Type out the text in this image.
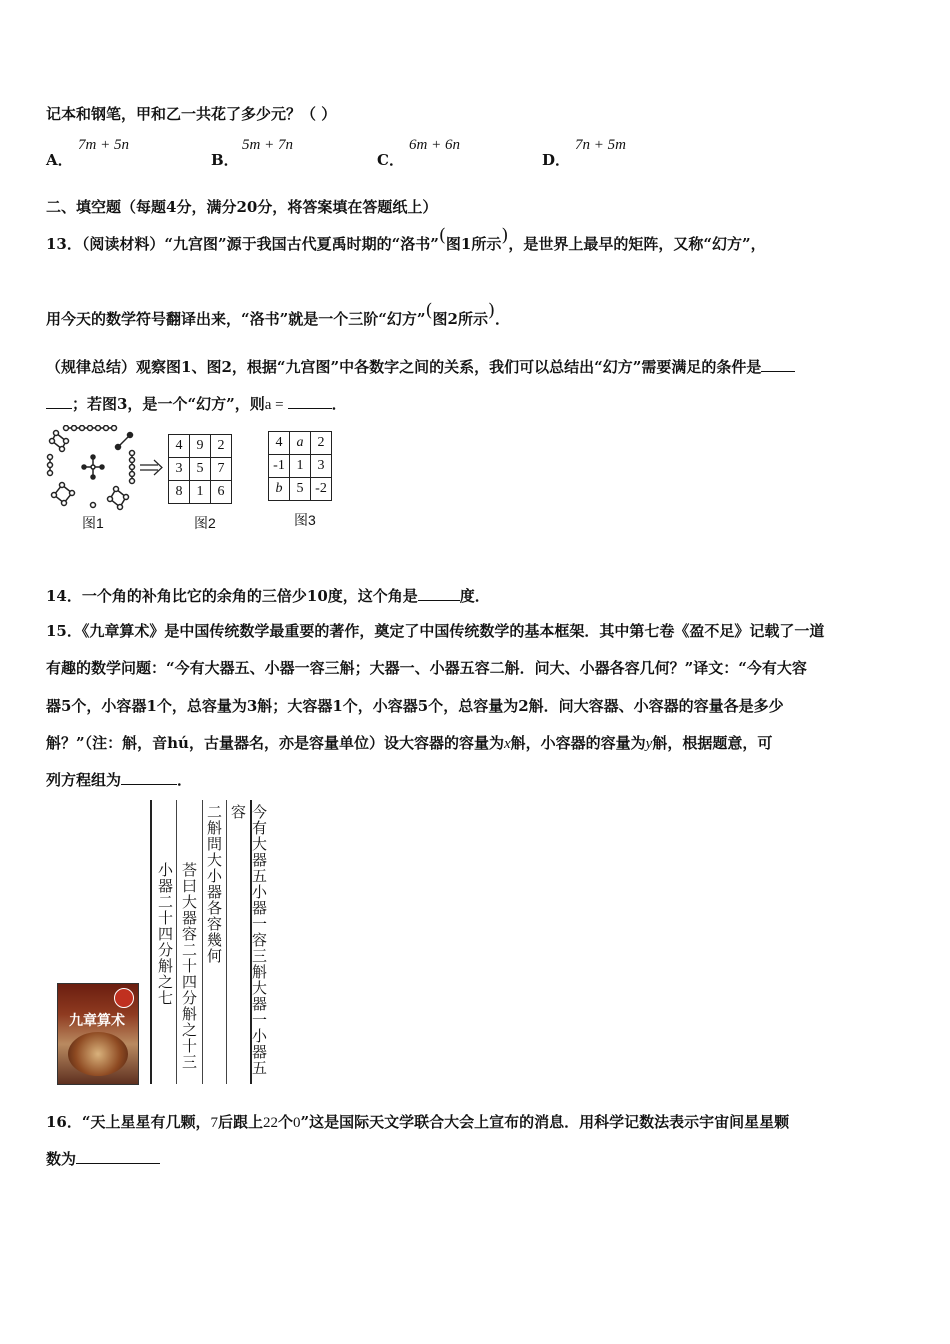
记本和钢笔，甲和乙一共花了多少元？（ ）
A．
7m + 5n
B．
5m + 7n
C．
6m + 6n
D．
7n + 5m
二、填空题（每题4分，满分20分，将答案填在答题纸上）
13．（阅读材料）“九宫图”源于我国古代夏禹时期的“洛书”(图1所示)，是世界上最早的矩阵，又称“幻方”，
用今天的数学符号翻译出来，“洛书”就是一个三阶“幻方”(图2所示)．
（规律总结）观察图1、图2，根据“九宫图”中各数字之间的关系，我们可以总结出“幻方”需要满足的条件是
；若图3，是一个“幻方”，则a =	．
4	9	2
3	5	7
8	1	6
4	a	2
-1	1	3
b	5	-2
图1	图2	图3
14．一个角的补角比它的余角的三倍少10度，这个角是	度．
15．《九章算术》是中国传统数学最重要的著作，奠定了中国传统数学的基本框架．其中第七卷《盈不足》记载了一道
有趣的数学问题：“今有大器五、小器一容三斛；大器一、小器五容二斛．问大、小器各容几何？”译文：“今有大容
器5个，小容器1个，总容量为3斛；大容器1个，小容器5个，总容量为2斛．问大容器、小容器的容量各是多少
斛？”（注：斛，音hú，古量器名，亦是容量单位）设大容器的容量为x斛，小容器的容量为y斛，根据题意，可
列方程组为	．
九章算术	今有大器五小器一容三斛大器一小器五容
二斛問大小器各容幾何
荅曰大器容二十四分斛之十三
小器二十四分斛之七
16．“天上星星有几颗，7后跟上22个0”这是国际天文学联合大会上宣布的消息．用科学记数法表示宇宙间星星颗
数为
